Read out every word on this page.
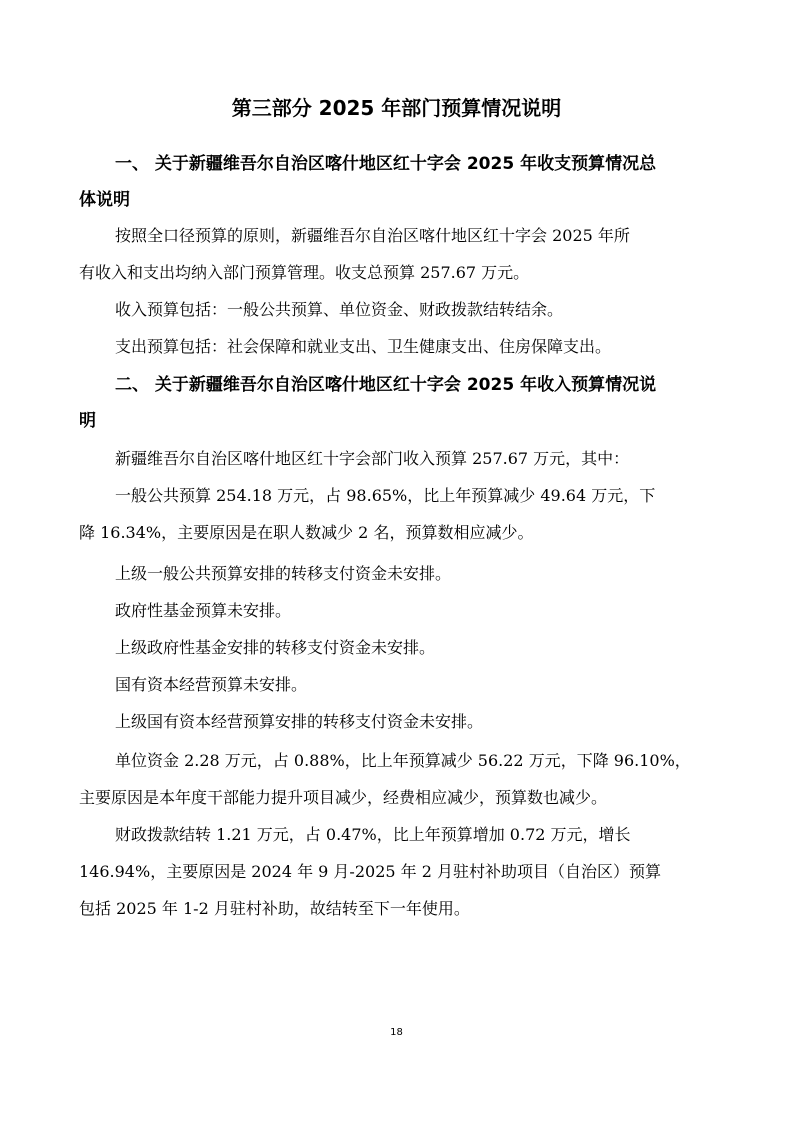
第三部分 2025 年部门预算情况说明
一、 关于新疆维吾尔自治区喀什地区红十字会 2025 年收支预算情况总
体说明
按照全口径预算的原则，新疆维吾尔自治区喀什地区红十字会 2025 年所
有收入和支出均纳入部门预算管理。收支总预算 257.67 万元。
收入预算包括：一般公共预算、单位资金、财政拨款结转结余。
支出预算包括：社会保障和就业支出、卫生健康支出、住房保障支出。
二、 关于新疆维吾尔自治区喀什地区红十字会 2025 年收入预算情况说
明
新疆维吾尔自治区喀什地区红十字会部门收入预算 257.67 万元，其中：
一般公共预算 254.18 万元，占 98.65%，比上年预算减少 49.64 万元，下
降 16.34%，主要原因是在职人数减少 2 名，预算数相应减少。
上级一般公共预算安排的转移支付资金未安排。
政府性基金预算未安排。
上级政府性基金安排的转移支付资金未安排。
国有资本经营预算未安排。
上级国有资本经营预算安排的转移支付资金未安排。
单位资金 2.28 万元，占 0.88%，比上年预算减少 56.22 万元，下降 96.10%，
主要原因是本年度干部能力提升项目减少，经费相应减少，预算数也减少。
财政拨款结转 1.21 万元，占 0.47%，比上年预算增加 0.72 万元，增长
146.94%，主要原因是 2024 年 9 月-2025 年 2 月驻村补助项目（自治区）预算
包括 2025 年 1-2 月驻村补助，故结转至下一年使用。
18
